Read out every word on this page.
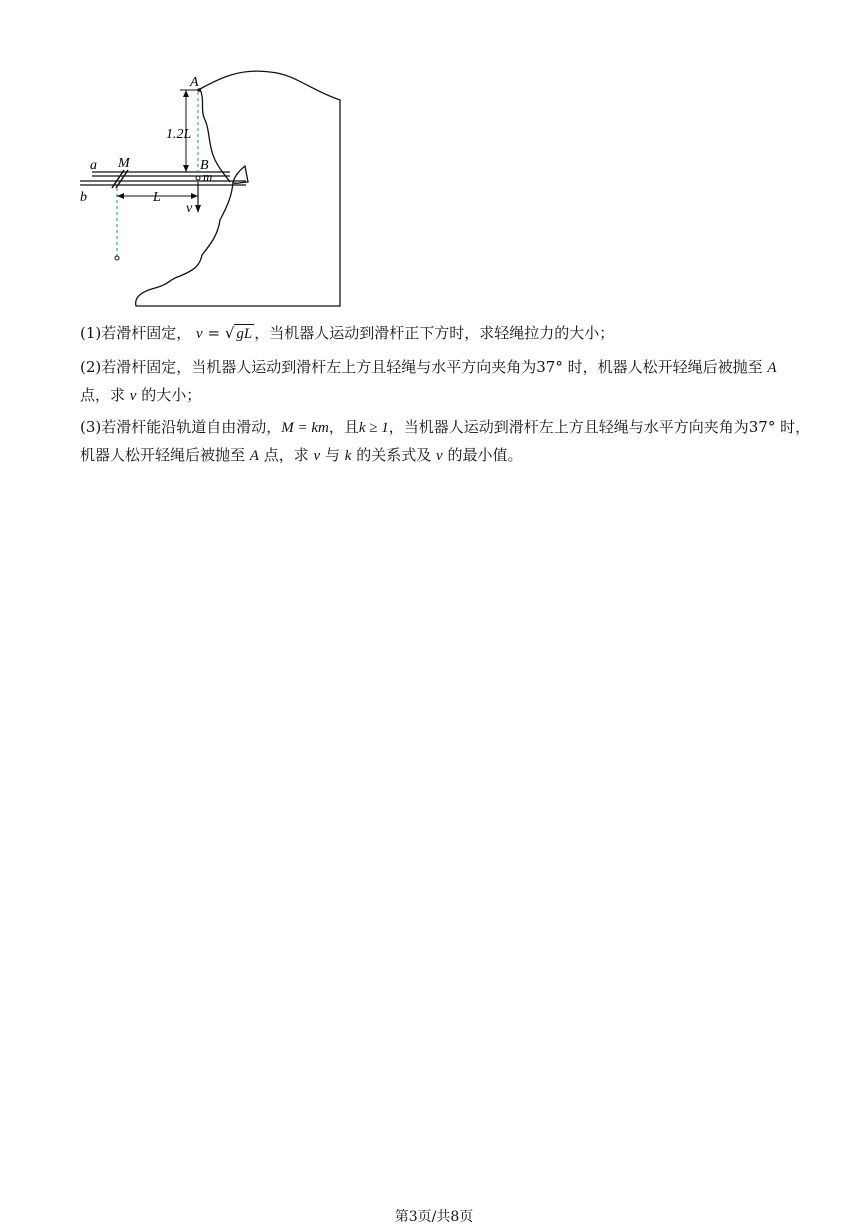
A
1.2L
a M	B
m
b	L
v
(1)若滑杆固定， v = √ gL ，当机器人运动到滑杆正下方时，求轻绳拉力的大小；
(2)若滑杆固定，当机器人运动到滑杆左上方且轻绳与水平方向夹角为37° 时，机器人松开轻绳后被抛至 A
点，求 v 的大小；
(3)若滑杆能沿轨道自由滑动，M = km，且k ≥ 1，当机器人运动到滑杆左上方且轻绳与水平方向夹角为37° 时，
机器人松开轻绳后被抛至 A 点，求 v 与 k 的关系式及 v 的最小值。
第3页/共8页
